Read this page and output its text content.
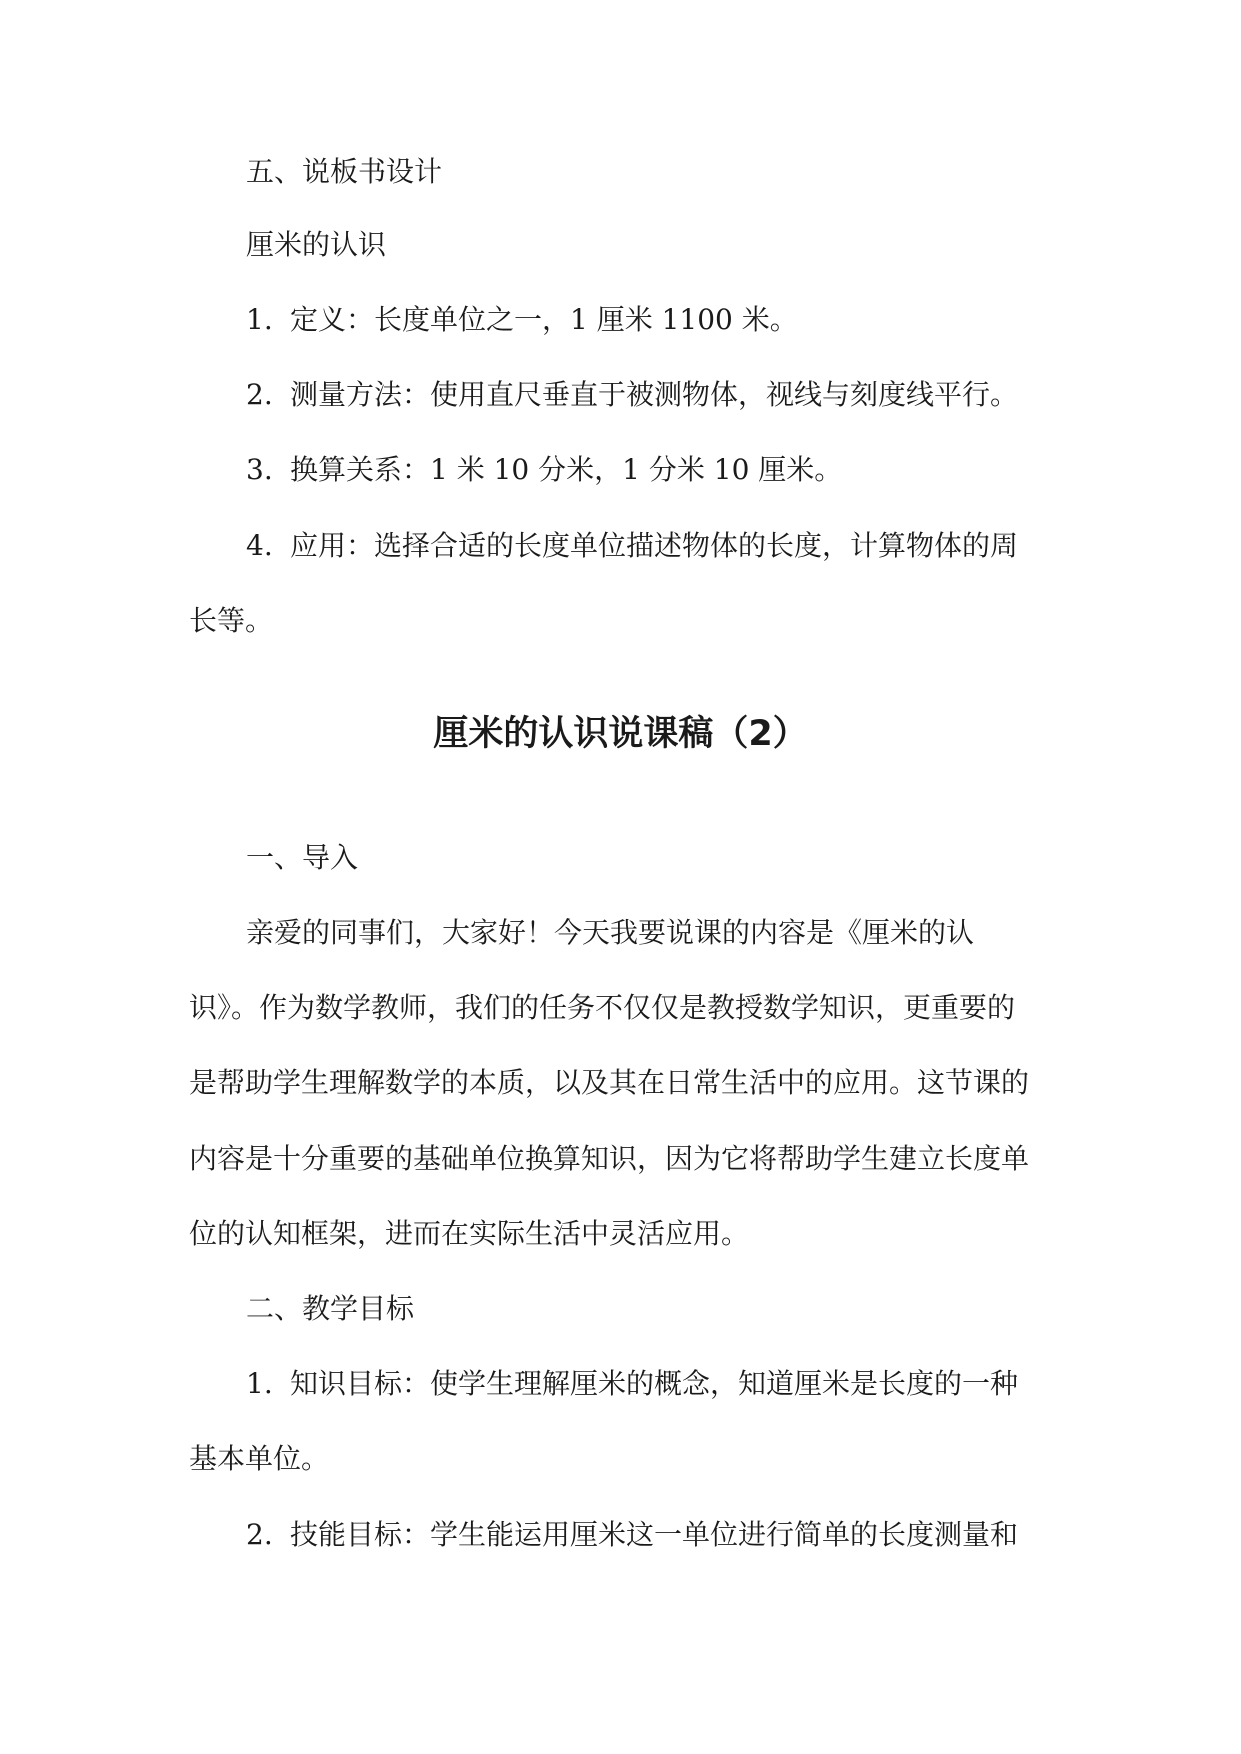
五、说板书设计
厘米的认识
1. 定义：长度单位之一，1 厘米 1100 米。
2. 测量方法：使用直尺垂直于被测物体，视线与刻度线平行。
3. 换算关系：1 米 10 分米，1 分米 10 厘米。
4. 应用：选择合适的长度单位描述物体的长度，计算物体的周
长等。
厘米的认识说课稿（2）
一、导入
亲爱的同事们，大家好！今天我要说课的内容是《厘米的认
识》。作为数学教师，我们的任务不仅仅是教授数学知识，更重要的
是帮助学生理解数学的本质，以及其在日常生活中的应用。这节课的
内容是十分重要的基础单位换算知识，因为它将帮助学生建立长度单
位的认知框架，进而在实际生活中灵活应用。
二、教学目标
1. 知识目标：使学生理解厘米的概念，知道厘米是长度的一种
基本单位。
2. 技能目标：学生能运用厘米这一单位进行简单的长度测量和
